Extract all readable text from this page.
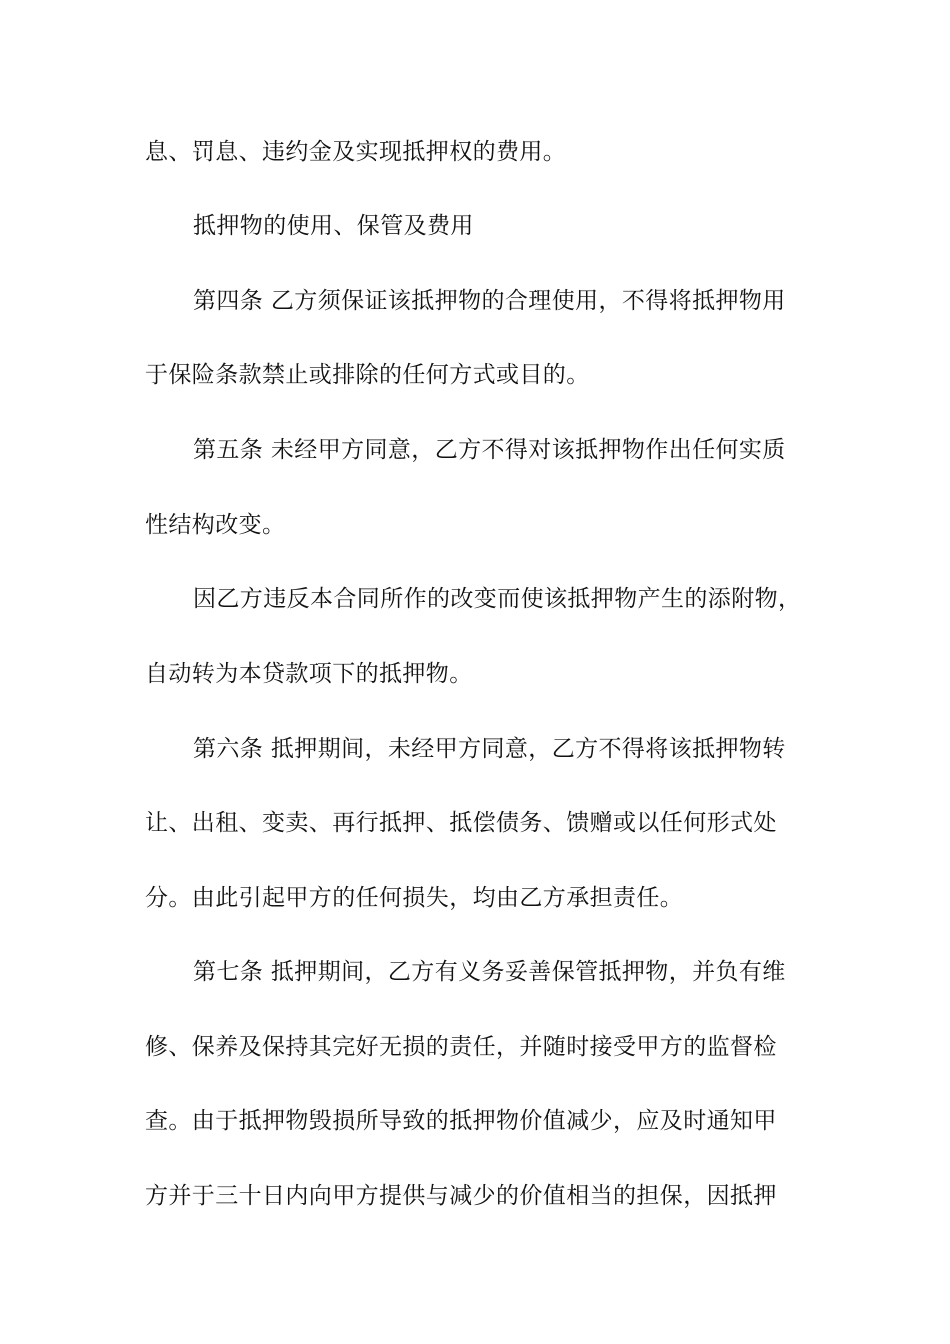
息、罚息、违约金及实现抵押权的费用。
抵押物的使用、保管及费用
第四条 乙方须保证该抵押物的合理使用，不得将抵押物用
于保险条款禁止或排除的任何方式或目的。
第五条 未经甲方同意，乙方不得对该抵押物作出任何实质
性结构改变。
因乙方违反本合同所作的改变而使该抵押物产生的添附物，
自动转为本贷款项下的抵押物。
第六条 抵押期间，未经甲方同意，乙方不得将该抵押物转
让、出租、变卖、再行抵押、抵偿债务、馈赠或以任何形式处
分。由此引起甲方的任何损失，均由乙方承担责任。
第七条 抵押期间，乙方有义务妥善保管抵押物，并负有维
修、保养及保持其完好无损的责任，并随时接受甲方的监督检
查。由于抵押物毁损所导致的抵押物价值减少，应及时通知甲
方并于三十日内向甲方提供与减少的价值相当的担保，因抵押
